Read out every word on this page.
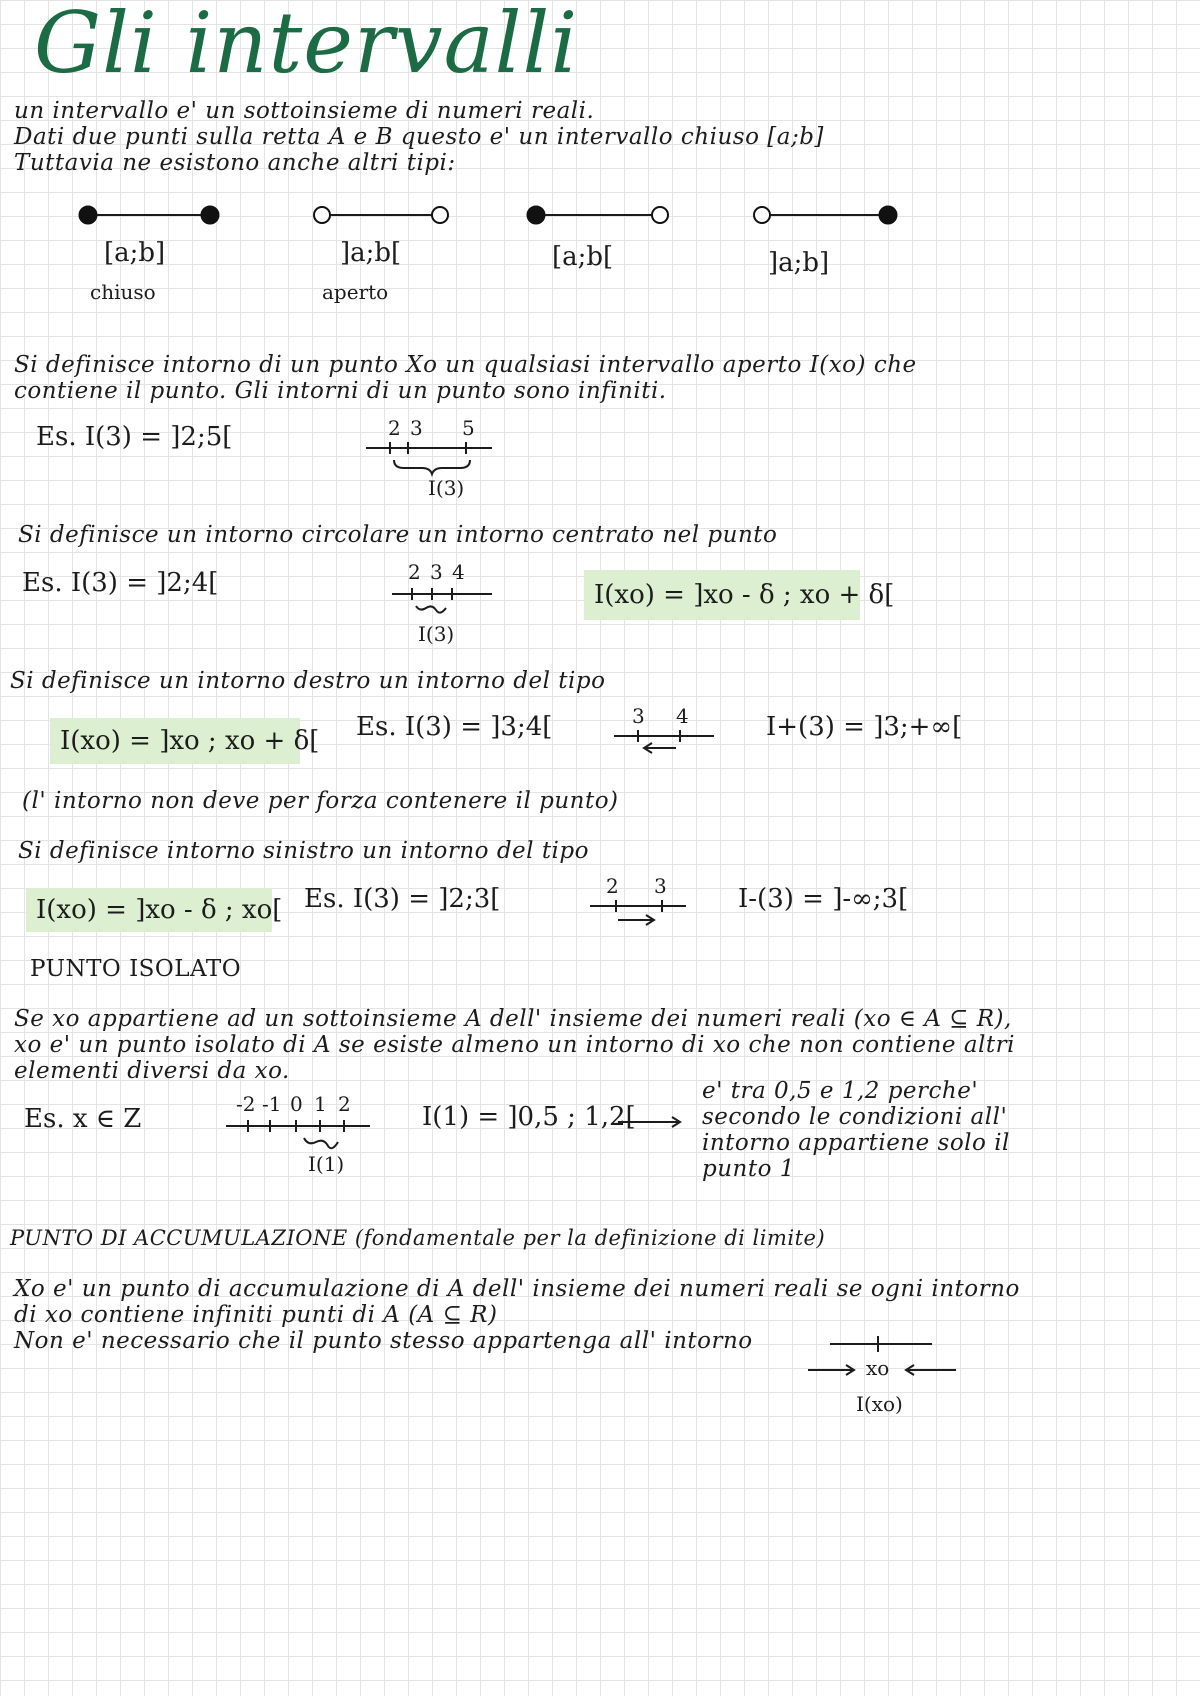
Gli intervalli
un intervallo e' un sottoinsieme di numeri reali.
Dati due punti sulla retta A e B questo e' un intervallo chiuso [a;b]
Tuttavia ne esistono anche altri tipi:
[a;b]
chiuso
]a;b[
aperto
[a;b[	]a;b]
Si definisce intorno di un punto Xo un qualsiasi intervallo aperto I(xo) che
contiene il punto. Gli intorni di un punto sono infiniti.
Es. I(3) = ]2;5[	2 3 5
I(3)
Si definisce un intorno circolare un intorno centrato nel punto
Es. I(3) = ]2;4[	2 3 4
I(3)
I(xo) = ]xo - δ ; xo + δ[
Si definisce un intorno destro un intorno del tipo
I(xo) = ]xo ; xo + δ[ Es. I(3) = ]3;4[	3 4	I+(3) = ]3;+∞[
(l' intorno non deve per forza contenere il punto)
Si definisce intorno sinistro un intorno del tipo
I(xo) = ]xo - δ ; xo[ Es. I(3) = ]2;3[	2 3	I-(3) = ]-∞;3[
PUNTO ISOLATO
Se xo appartiene ad un sottoinsieme A dell' insieme dei numeri reali (xo ∈ A ⊆ R),
xo e' un punto isolato di A se esiste almeno un intorno di xo che non contiene altri
elementi diversi da xo.
Es. x ∈ Z	-2 -1 0 1 2
I(1)
I(1) = ]0,5 ; 1,2[
e' tra 0,5 e 1,2 perche'
secondo le condizioni all'
intorno appartiene solo il
punto 1
PUNTO DI ACCUMULAZIONE (fondamentale per la definizione di limite)
Xo e' un punto di accumulazione di A dell' insieme dei numeri reali se ogni intorno
di xo contiene infiniti punti di A (A ⊆ R)
Non e' necessario che il punto stesso appartenga all' intorno
xo
I(xo)
